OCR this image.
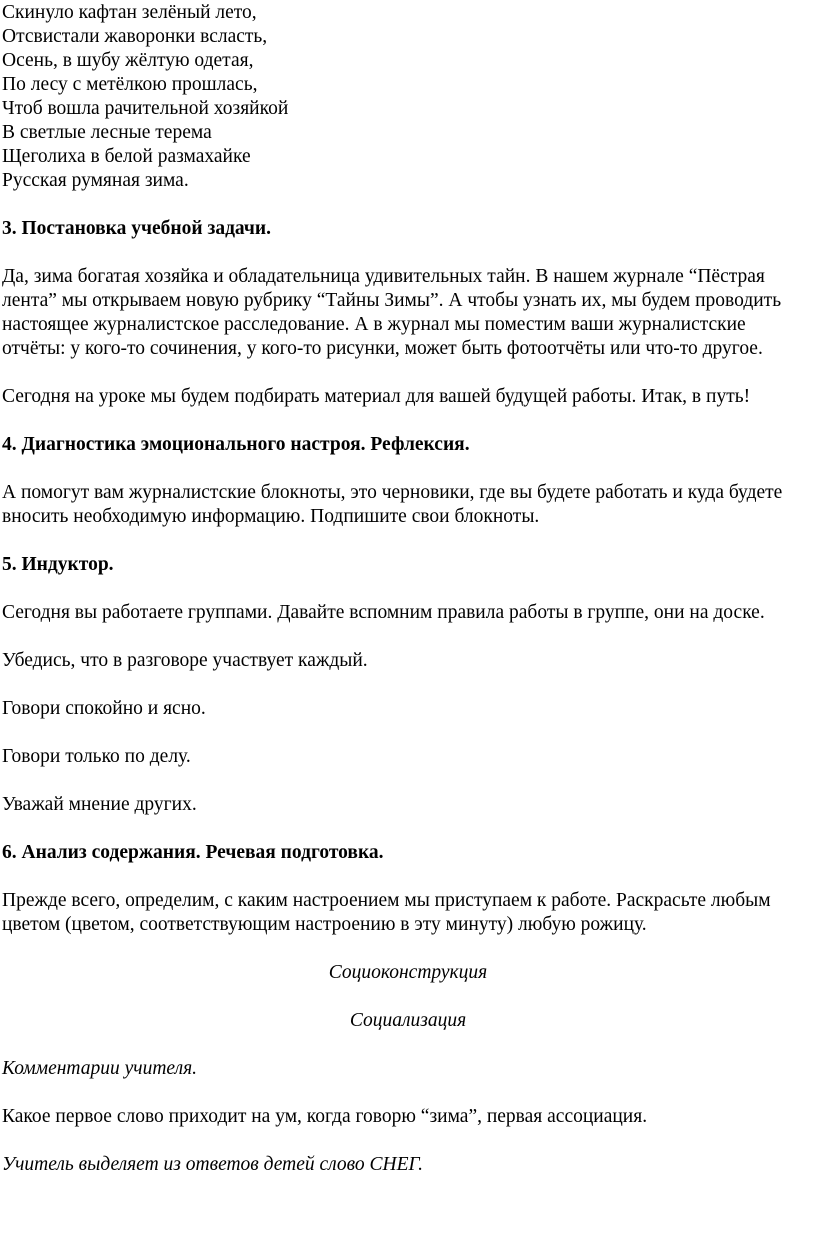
Скинуло кафтан зелёный лето,
Отсвистали жаворонки всласть,
Осень, в шубу жёлтую одетая,
По лесу с метёлкою прошлась,
Чтоб вошла рачительной хозяйкой
В светлые лесные терема
Щеголиха в белой размахайке
Русская румяная зима.

3. Постановка учебной задачи.

Да, зима богатая хозяйка и обладательница удивительных тайн. В нашем журнале “Пёстрая лента” мы открываем новую рубрику “Тайны Зимы”. А чтобы узнать их, мы будем проводить настоящее журналистское расследование. А в журнал мы поместим ваши журналистские отчёты: у кого-то сочинения, у кого-то рисунки, может быть фотоотчёты или что-то другое.

Сегодня на уроке мы будем подбирать материал для вашей будущей работы. Итак, в путь!

4. Диагностика эмоционального настроя. Рефлексия.

А помогут вам журналистские блокноты, это черновики, где вы будете работать и куда будете вносить необходимую информацию. Подпишите свои блокноты.

5. Индуктор.

Сегодня вы работаете группами. Давайте вспомним правила работы в группе, они на доске.

Убедись, что в разговоре участвует каждый.

Говори спокойно и ясно.

Говори только по делу.

Уважай мнение других.

6. Анализ содержания. Речевая подготовка.

Прежде всего, определим, с каким настроением мы приступаем к работе. Раскрасьте любым цветом (цветом, соответствующим настроению в эту минуту) любую рожицу.

Социоконструкция

Социализация

Комментарии учителя.

Какое первое слово приходит на ум, когда говорю “зима”, первая ассоциация.

Учитель выделяет из ответов детей слово СНЕГ.
